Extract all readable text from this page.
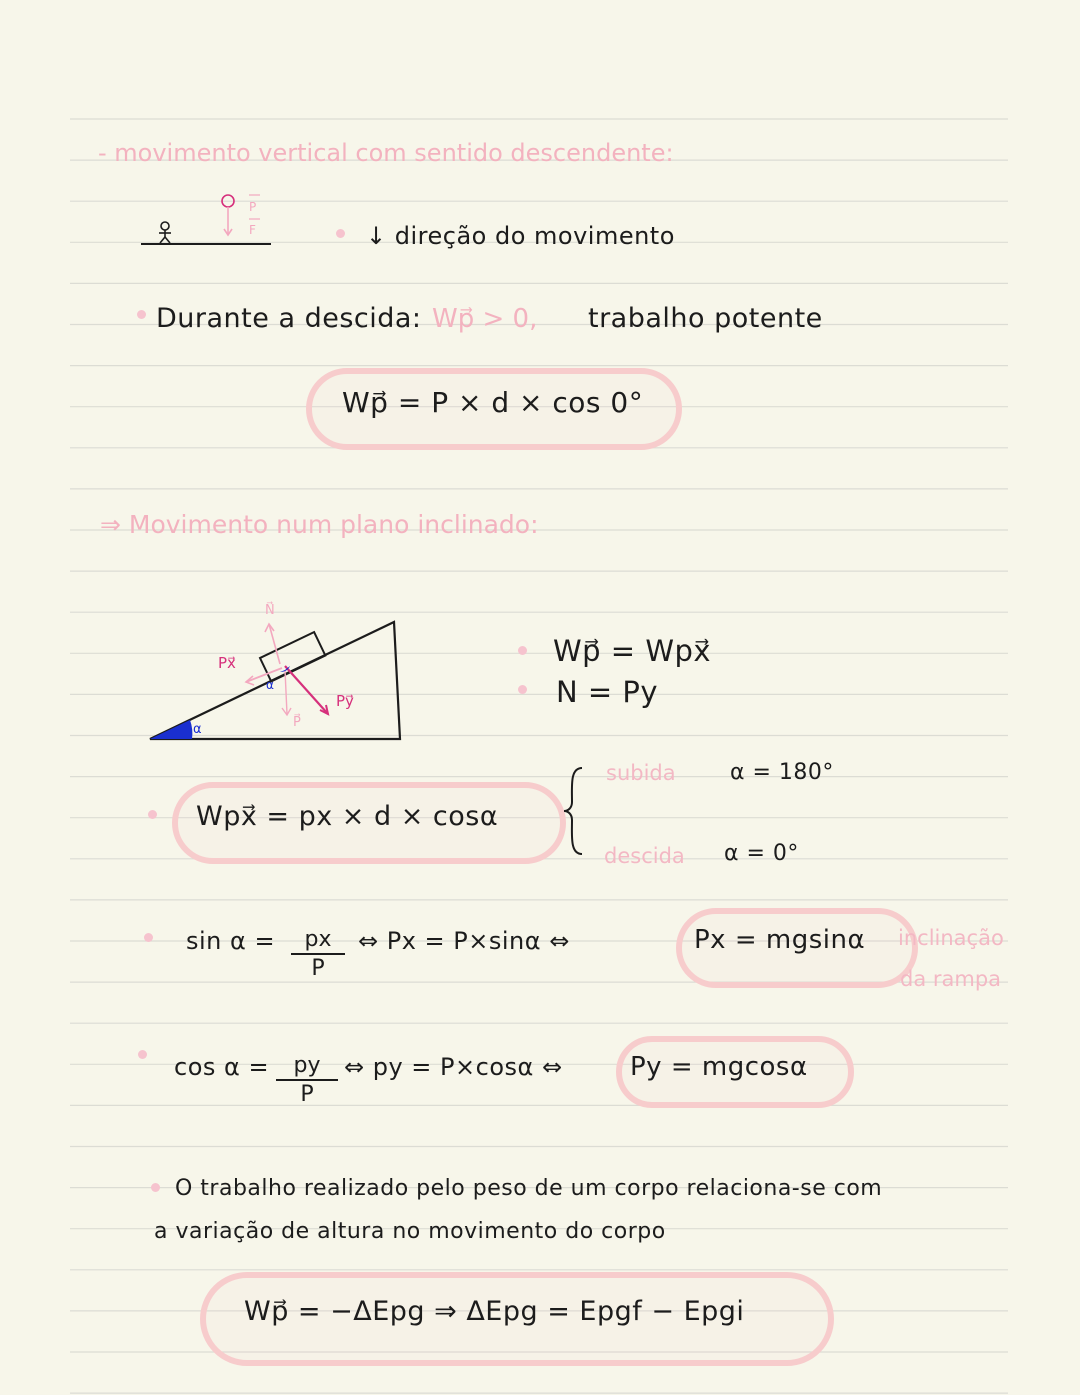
- movimento vertical com sentido descendente:
P
F	↓ direção do movimento
Durante a descida: Wp⃗ > 0, trabalho potente
Wp⃗ = P × d × cos 0°
⇒ Movimento num plano inclinado:
N⃗
Px⃗
Py⃗
P⃗
α
α
Wp⃗ = Wpx⃗
N = Py
Wpx⃗ = px × d × cosα
subida α = 180°
descida α = 0°
$\sin \alpha = \frac{px}{P}$ ⇔ Px = P×sinα ⇔	Px = mgsinα inclinação
da rampa
$\cos \alpha = \frac{py}{P}$ ⇔ py = P×cosα ⇔	Py = mgcosα
O trabalho realizado pelo peso de um corpo relaciona-se com
a variação de altura no movimento do corpo
Wp⃗ = −ΔEpg ⇒ ΔEpg = Epgf − Epgi
